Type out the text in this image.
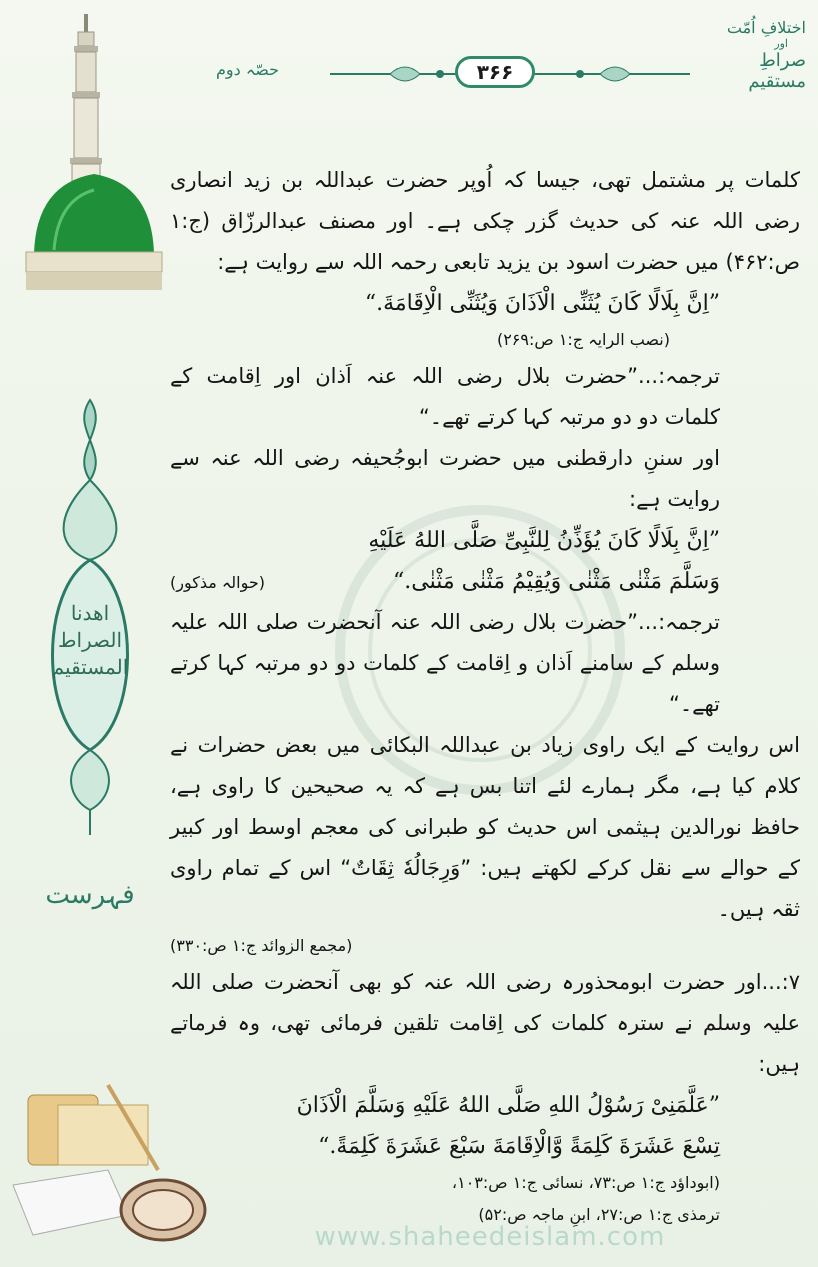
اھدنا الصراط المستقیم
فہرست
اختلافِ اُمّت
اور
صراطِ مستقیم
حصّہ دوم	۳۶۶

کلمات پر مشتمل تھی، جیسا کہ اُوپر حضرت عبداللہ بن زید انصاری رضی اللہ عنہ کی حدیث گزر چکی ہے۔ اور مصنف عبدالرزّاق (ج:۱ ص:۴۶۲) میں حضرت اسود بن یزید تابعی رحمہ اللہ سے روایت ہے:

”اِنَّ بِلَالًا کَانَ یُثَنِّی الْاَذَانَ وَیُثَنِّی الْاِقَامَةَ.“

(نصب الرایہ ج:۱ ص:۲۶۹)

ترجمہ:...”حضرت بلال رضی اللہ عنہ اَذان اور اِقامت کے کلمات دو دو مرتبہ کہا کرتے تھے۔“

اور سننِ دارقطنی میں حضرت ابوجُحیفہ رضی اللہ عنہ سے روایت ہے:

”اِنَّ بِلَالًا کَانَ یُؤَذِّنُ لِلنَّبِیِّ صَلَّی اللهُ عَلَیْهِ

وَسَلَّمَ مَثْنٰی مَثْنٰی وَیُقِیْمُ مَثْنٰی مَثْنٰی.“

(حوالہ مذکور)

ترجمہ:...”حضرت بلال رضی اللہ عنہ آنحضرت صلی اللہ علیہ وسلم کے سامنے اَذان و اِقامت کے کلمات دو دو مرتبہ کہا کرتے تھے۔“

اس روایت کے ایک راوی زیاد بن عبداللہ البکائی میں بعض حضرات نے کلام کیا ہے، مگر ہمارے لئے اتنا بس ہے کہ یہ صحیحین کا راوی ہے، حافظ نورالدین ہیثمی اس حدیث کو طبرانی کی معجم اوسط اور کبیر کے حوالے سے نقل کرکے لکھتے ہیں: ”وَرِجَالُهٗ ثِقَاتٌ“ اس کے تمام راوی ثقہ ہیں۔

(مجمع الزوائد ج:۱ ص:۳۳۰)

۷:...اور حضرت ابومحذورہ رضی اللہ عنہ کو بھی آنحضرت صلی اللہ علیہ وسلم نے سترہ کلمات کی اِقامت تلقین فرمائی تھی، وہ فرماتے ہیں:

”عَلَّمَنِیْ رَسُوْلُ اللهِ صَلَّی اللهُ عَلَیْهِ وَسَلَّمَ الْاَذَانَ

تِسْعَ عَشَرَةَ كَلِمَةً وَّالْاِقَامَةَ سَبْعَ عَشَرَةَ كَلِمَةً.“

(ابوداؤد ج:۱ ص:۷۳، نسائی ج:۱ ص:۱۰۳،

ترمذی ج:۱ ص:۲۷، ابنِ ماجہ ص:۵۲)

www.shaheedeislam.com
